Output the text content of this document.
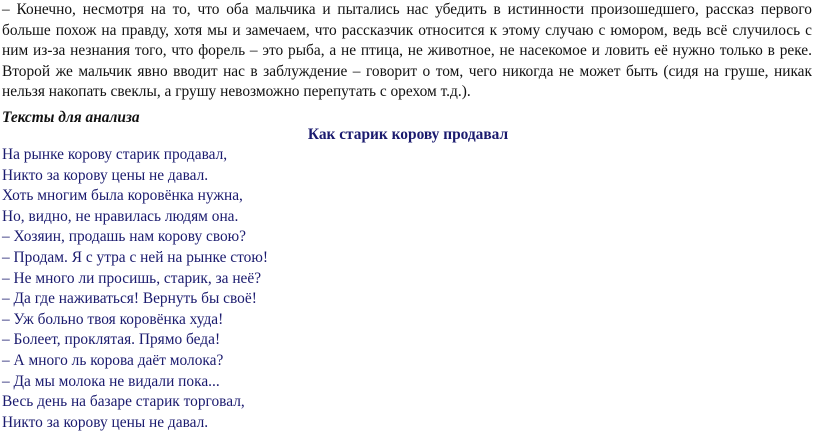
– Конечно, несмотря на то, что оба мальчика и пытались нас убедить в истинности произошедшего, рассказ первого больше похож на правду, хотя мы и замечаем, что рассказчик относится к этому случаю с юмором, ведь всё случилось с ним из-за незнания того, что форель – это рыба, а не птица, не животное, не насекомое и ловить её нужно только в реке. Второй же мальчик явно вводит нас в заблуждение – говорит о том, чего никогда не может быть (сидя на груше, никак нельзя накопать свеклы, а грушу невозможно перепутать с орехом т.д.).

Тексты для анализа

Как старик корову продавал

На рынке корову старик продавал,
Никто за корову цены не давал.
Хоть многим была коровёнка нужна,
Но, видно, не нравилась людям она.
– Хозяин, продашь нам корову свою?
– Продам. Я с утра с ней на рынке стою!
– Не много ли просишь, старик, за неё?
– Да где наживаться! Вернуть бы своё!
– Уж больно твоя коровёнка худа!
– Болеет, проклятая. Прямо беда!
– А много ль корова даёт молока?
– Да мы молока не видали пока...
Весь день на базаре старик торговал,
Никто за корову цены не давал.
